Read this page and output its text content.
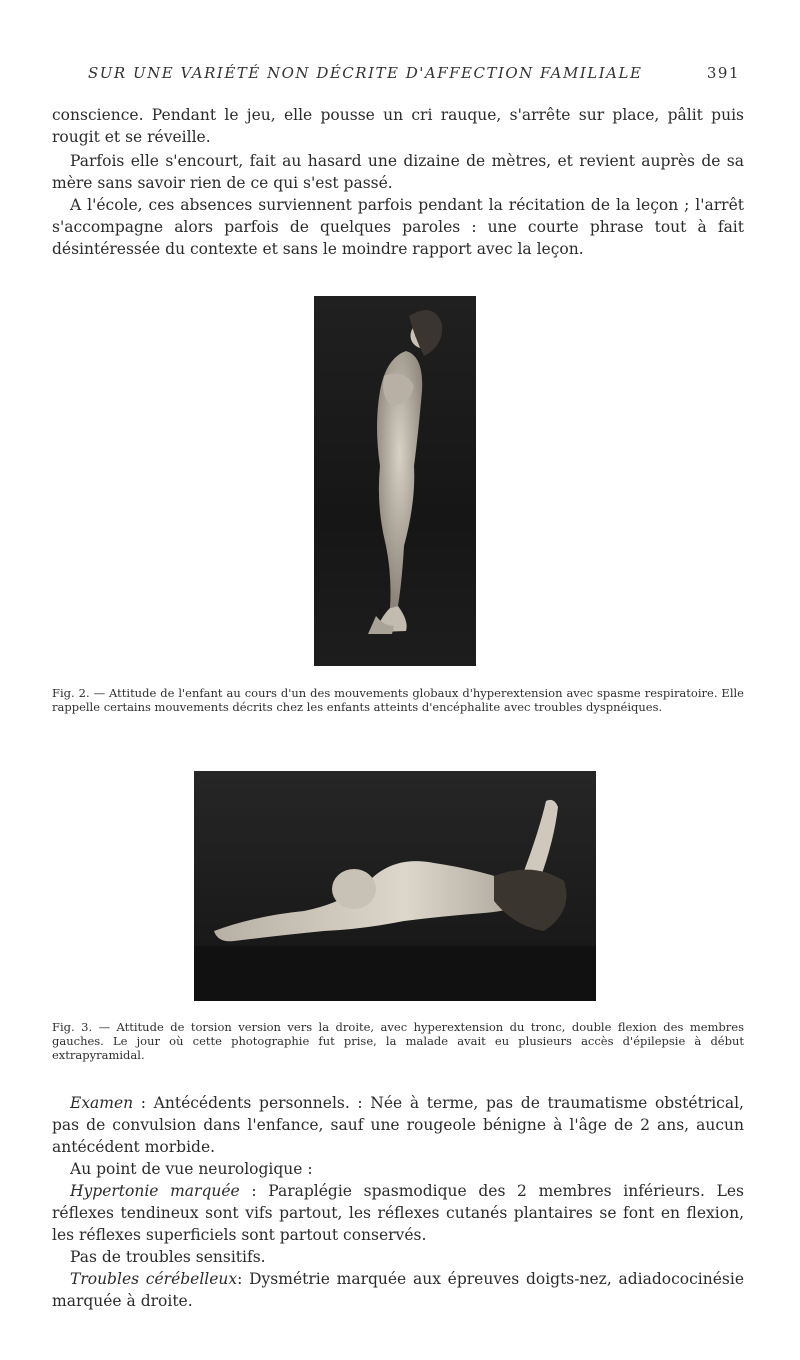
SUR UNE VARIÉTÉ NON DÉCRITE D'AFFECTION FAMILIALE	391
conscience. Pendant le jeu, elle pousse un cri rauque, s'arrête sur place, pâlit puis rougit et se réveille.
Parfois elle s'encourt, fait au hasard une dizaine de mètres, et revient auprès de sa mère sans savoir rien de ce qui s'est passé.
A l'école, ces absences surviennent parfois pendant la récitation de la leçon ; l'arrêt s'accompagne alors parfois de quelques paroles : une courte phrase tout à fait désintéressée du contexte et sans le moindre rapport avec la leçon.
Fig. 2. — Attitude de l'enfant au cours d'un des mouvements globaux d'hyperextension avec spasme respiratoire. Elle rappelle certains mouvements décrits chez les enfants atteints d'encéphalite avec troubles dyspnéiques.
Fig. 3. — Attitude de torsion version vers la droite, avec hyperextension du tronc, double flexion des membres gauches. Le jour où cette photographie fut prise, la malade avait eu plusieurs accès d'épilepsie à début extrapyramidal.
Examen : Antécédents personnels. : Née à terme, pas de traumatisme obstétrical, pas de convulsion dans l'enfance, sauf une rougeole bénigne à l'âge de 2 ans, aucun antécédent morbide.
Au point de vue neurologique :
Hypertonie marquée : Paraplégie spasmodique des 2 membres inférieurs. Les réflexes tendineux sont vifs partout, les réflexes cutanés plantaires se font en flexion, les réflexes superficiels sont partout conservés.
Pas de troubles sensitifs.
Troubles cérébelleux: Dysmétrie marquée aux épreuves doigts-nez, adiadococinésie marquée à droite.
